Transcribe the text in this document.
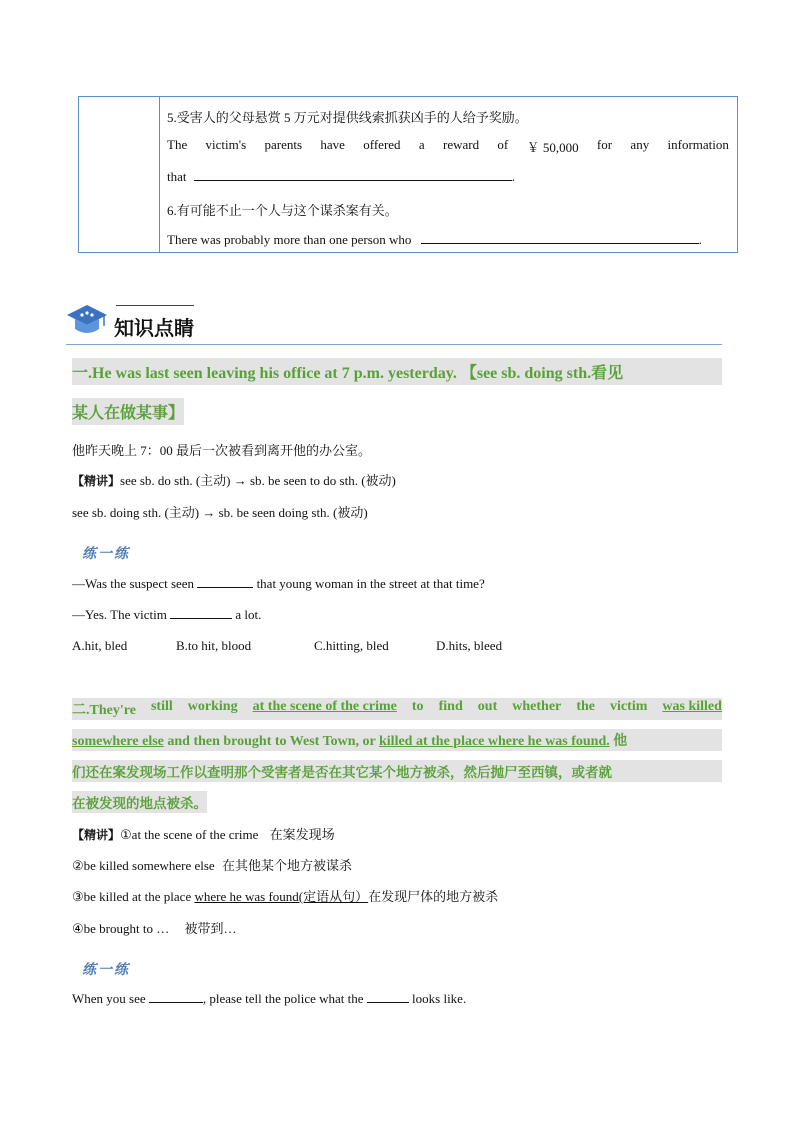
5.受害人的父母悬赏 5 万元对提供线索抓获凶手的人给予奖励。
The victim's parents have offered a reward of ￥ 50,000 for any information
that	.
6.有可能不止一个人与这个谋杀案有关。
There was probably more than one person who	.
知识点睛
一.He was last seen leaving his office at 7 p.m. yesterday. 【see sb. doing sth.看见
某人在做某事】
他昨天晚上 7：00 最后一次被看到离开他的办公室。
【精讲】see sb. do sth. (主动) → sb. be seen to do sth. (被动)
see sb. doing sth. (主动) → sb. be seen doing sth. (被动)
练一练
—Was the suspect seen	that young woman in the street at that time?
—Yes. The victim	a lot.
A.hit, bled	B.to hit, blood	C.hitting, bled	D.hits, bleed
二.They're still working at the scene of the crime to find out whether the victim was killed
somewhere else and then brought to West Town, or killed at the place where he was found. 他
们还在案发现场工作以查明那个受害者是否在其它某个地方被杀，然后抛尸至西镇，或者就
在被发现的地点被杀。
【精讲】①at the scene of the crime 在案发现场
②be killed somewhere else 在其他某个地方被谋杀
③be killed at the place where he was found(定语从句）在发现尸体的地方被杀
④be brought to … 被带到…
练一练
When you see	, please tell the police what the	looks like.
